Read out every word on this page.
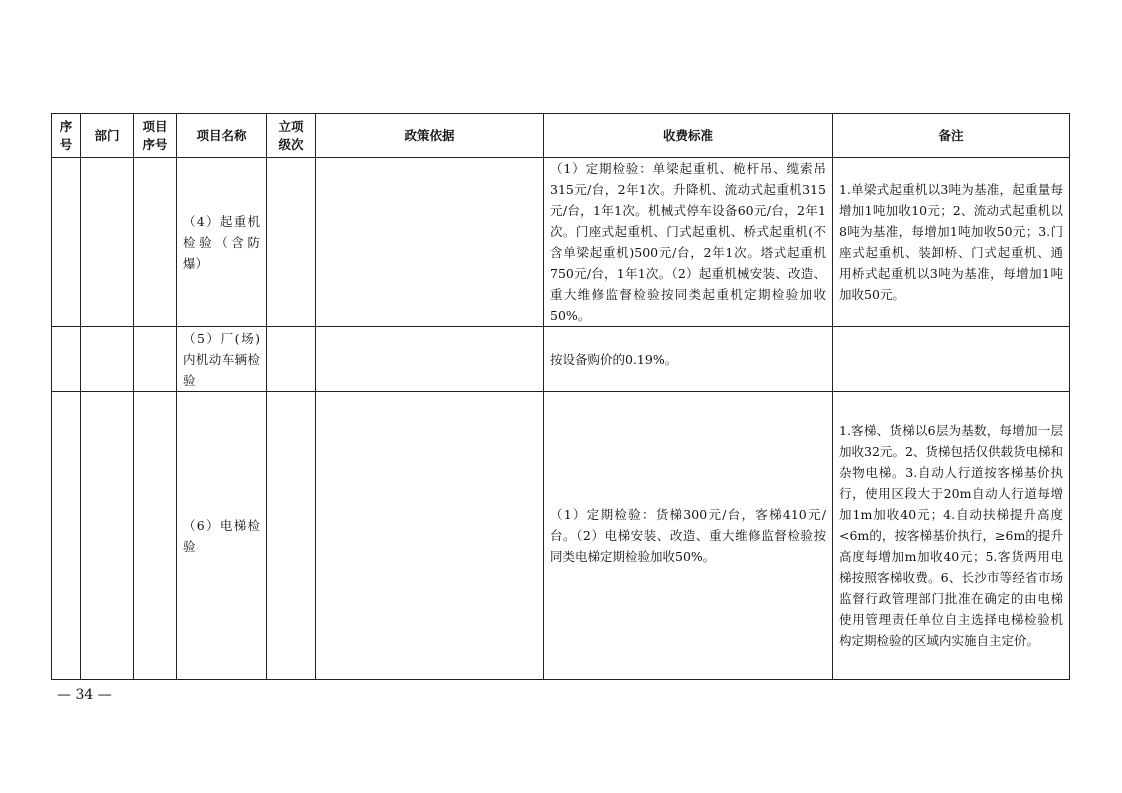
序号	部门	项目序号	项目名称	立项级次	政策依据	收费标准	备注
			（4）起重机检验（含防爆）			（1）定期检验：单梁起重机、桅杆吊、缆索吊315元/台，2年1次。升降机、流动式起重机315元/台，1年1次。机械式停车设备60元/台，2年1次。门座式起重机、门式起重机、桥式起重机(不含单梁起重机)500元/台，2年1次。塔式起重机750元/台，1年1次。（2）起重机械安装、改造、重大维修监督检验按同类起重机定期检验加收50%。	1.单梁式起重机以3吨为基准，起重量每增加1吨加收10元；2、流动式起重机以8吨为基准，每增加1吨加收50元；3.门座式起重机、装卸桥、门式起重机、通用桥式起重机以3吨为基准，每增加1吨加收50元。
			（5）厂(场)内机动车辆检验			按设备购价的0.19%。	
			（6）电梯检验			（1）定期检验：货梯300元/台，客梯410元/台。（2）电梯安装、改造、重大维修监督检验按同类电梯定期检验加收50%。	1.客梯、货梯以6层为基数，每增加一层加收32元。2、货梯包括仅供载货电梯和杂物电梯。3.自动人行道按客梯基价执行，使用区段大于20m自动人行道每增加1m加收40元；4.自动扶梯提升高度<6m的，按客梯基价执行，≥6m的提升高度每增加m加收40元；5.客货两用电梯按照客梯收费。6、长沙市等经省市场监督行政管理部门批准在确定的由电梯使用管理责任单位自主选择电梯检验机构定期检验的区域内实施自主定价。
— 34 —
